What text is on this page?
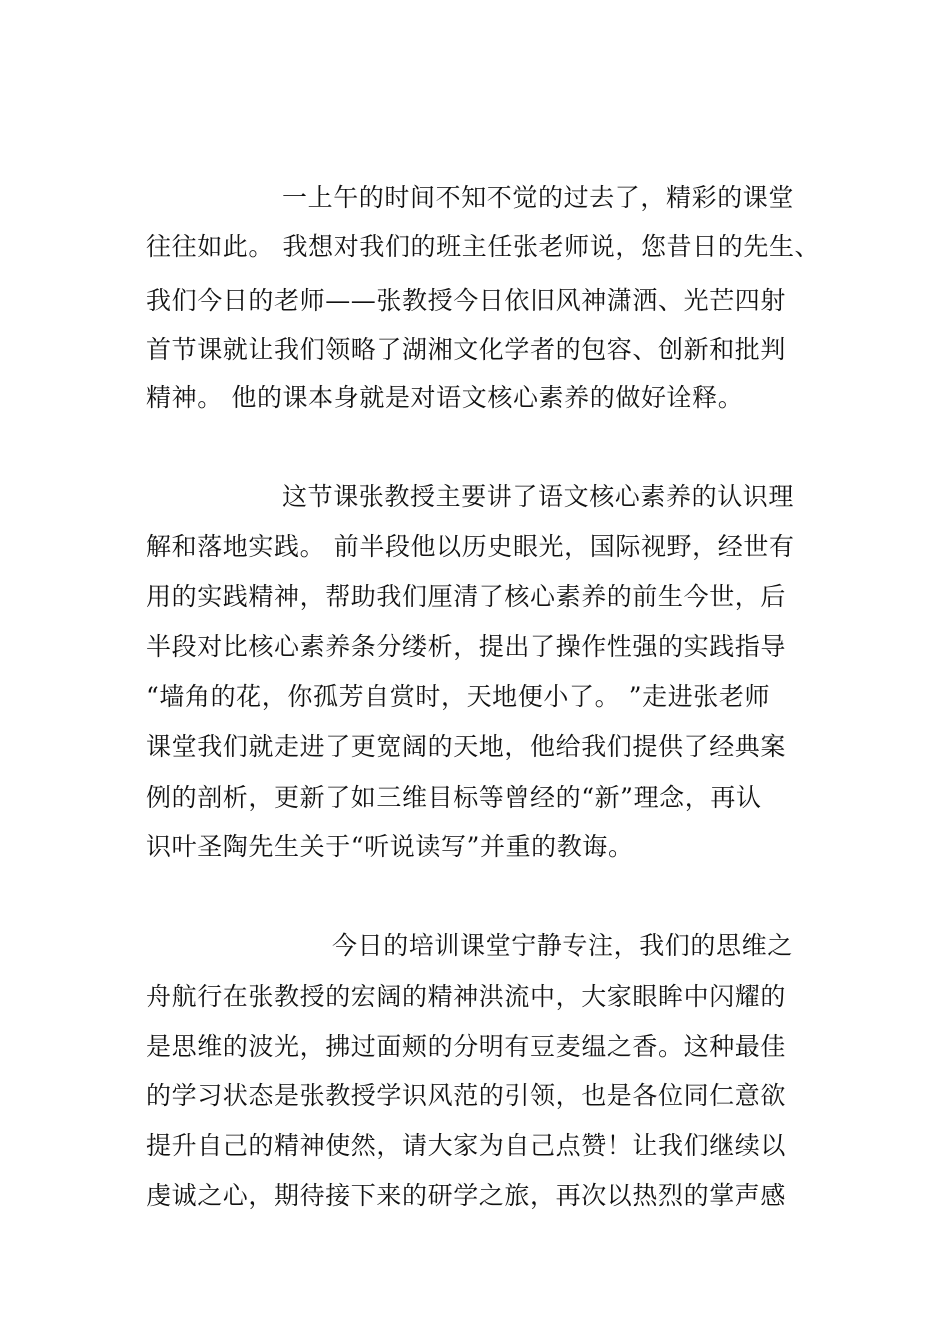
一上午的时间不知不觉的过去了，精彩的课堂
往往如此。 我想对我们的班主任张老师说，您昔日的先生、
我们今日的老师——张教授今日依旧风神潇洒、光芒四射
首节课就让我们领略了湖湘文化学者的包容、创新和批判
精神。 他的课本身就是对语文核心素养的做好诠释。
这节课张教授主要讲了语文核心素养的认识理
解和落地实践。 前半段他以历史眼光，国际视野，经世有
用的实践精神，帮助我们厘清了核心素养的前生今世，后
半段对比核心素养条分缕析，提出了操作性强的实践指导
“墙角的花，你孤芳自赏时，天地便小了。 ”走进张老师
课堂我们就走进了更宽阔的天地，他给我们提供了经典案
例的剖析，更新了如三维目标等曾经的“新”理念，再认
识叶圣陶先生关于“听说读写”并重的教诲。
今日的培训课堂宁静专注，我们的思维之
舟航行在张教授的宏阔的精神洪流中，大家眼眸中闪耀的
是思维的波光，拂过面颊的分明有豆麦缊之香。这种最佳
的学习状态是张教授学识风范的引领，也是各位同仁意欲
提升自己的精神使然，请大家为自己点赞！让我们继续以
虔诚之心，期待接下来的研学之旅，再次以热烈的掌声感
